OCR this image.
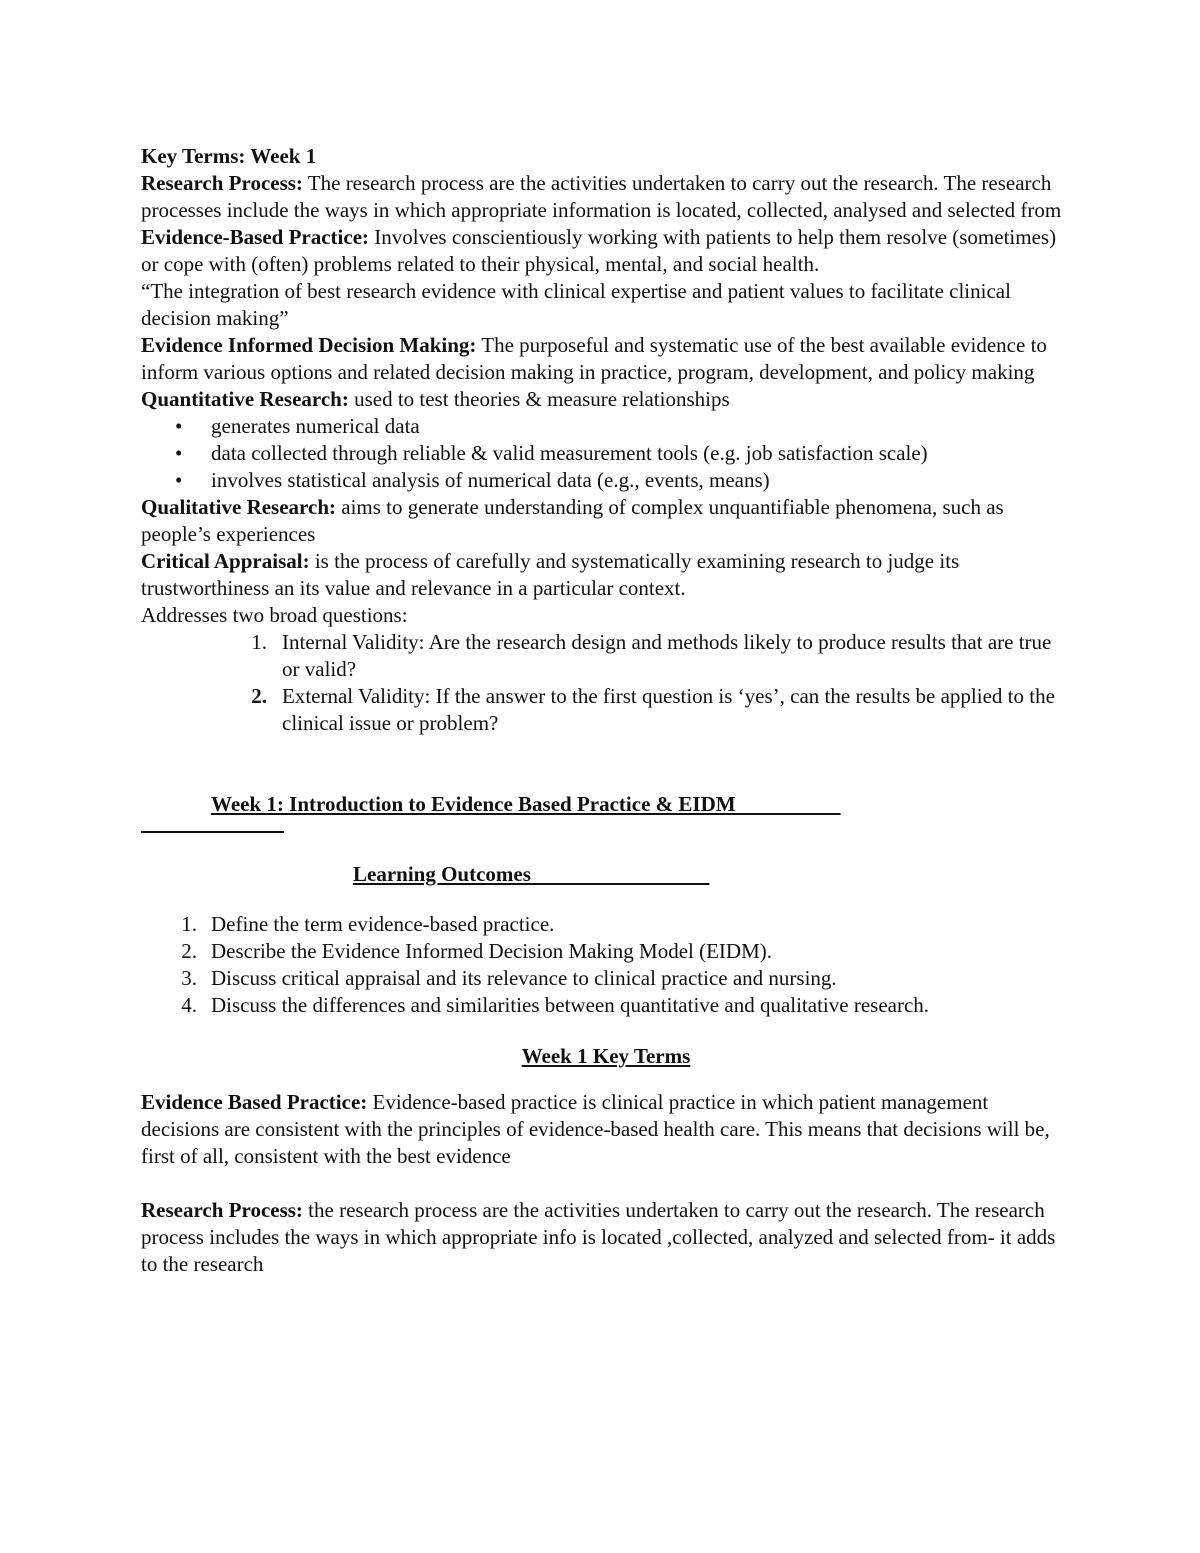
Key Terms: Week 1

Research Process: The research process are the activities undertaken to carry out the research. The research processes include the ways in which appropriate information is located, collected, analysed and selected from

Evidence-Based Practice: Involves conscientiously working with patients to help them resolve (sometimes) or cope with (often) problems related to their physical, mental, and social health.

“The integration of best research evidence with clinical expertise and patient values to facilitate clinical decision making”

Evidence Informed Decision Making: The purposeful and systematic use of the best available evidence to inform various options and related decision making in practice, program, development, and policy making

Quantitative Research: used to test theories & measure relationships

• generates numerical data
• data collected through reliable & valid measurement tools (e.g. job satisfaction scale)
• involves statistical analysis of numerical data (e.g., events, means)

Qualitative Research: aims to generate understanding of complex unquantifiable phenomena, such as people’s experiences

Critical Appraisal: is the process of carefully and systematically examining research to judge its trustworthiness an its value and relevance in a particular context.

Addresses two broad questions:

1. Internal Validity: Are the research design and methods likely to produce results that are true or valid?
2. External Validity: If the answer to the first question is ‘yes’, can the results be applied to the clinical issue or problem?

Week 1: Introduction to Evidence Based Practice & EIDM

Learning Outcomes

1. Define the term evidence-based practice.
2. Describe the Evidence Informed Decision Making Model (EIDM).
3. Discuss critical appraisal and its relevance to clinical practice and nursing.
4. Discuss the differences and similarities between quantitative and qualitative research.

Week 1 Key Terms

Evidence Based Practice: Evidence-based practice is clinical practice in which patient management decisions are consistent with the principles of evidence-based health care. This means that decisions will be, first of all, consistent with the best evidence

Research Process: the research process are the activities undertaken to carry out the research. The research process includes the ways in which appropriate info is located ,collected, analyzed and selected from- it adds to the research
